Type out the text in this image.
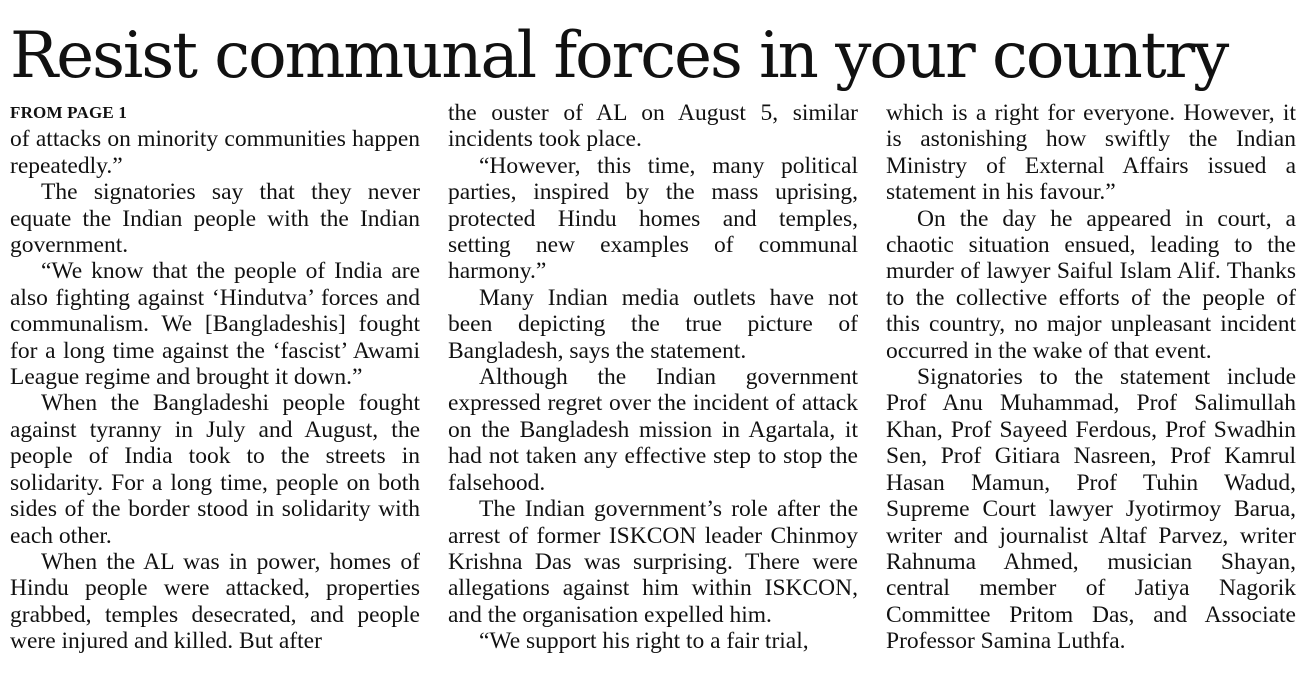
Resist communal forces in your country
FROM PAGE 1

of attacks on minority communities happen repeatedly.”

The signatories say that they never equate the Indian people with the Indian government.

“We know that the people of India are also fighting against ‘Hindutva’ forces and communalism. We [Bangladeshis] fought for a long time against the ‘fascist’ Awami League regime and brought it down.”

When the Bangladeshi people fought against tyranny in July and August, the people of India took to the streets in solidarity. For a long time, people on both sides of the border stood in solidarity with each other.

When the AL was in power, homes of Hindu people were attacked, properties grabbed, temples desecrated, and people were injured and killed. But after

the ouster of AL on August 5, similar incidents took place.

“However, this time, many political parties, inspired by the mass uprising, protected Hindu homes and temples, setting new examples of communal harmony.”

Many Indian media outlets have not been depicting the true picture of Bangladesh, says the statement.

Although the Indian government expressed regret over the incident of attack on the Bangladesh mission in Agartala, it had not taken any effective step to stop the falsehood.

The Indian government’s role after the arrest of former ISKCON leader Chinmoy Krishna Das was surprising. There were allegations against him within ISKCON, and the organisation expelled him.

“We support his right to a fair trial,

which is a right for everyone. However, it is astonishing how swiftly the Indian Ministry of External Affairs issued a statement in his favour.”

On the day he appeared in court, a chaotic situation ensued, leading to the murder of lawyer Saiful Islam Alif. Thanks to the collective efforts of the people of this country, no major unpleasant incident occurred in the wake of that event.

Signatories to the statement include Prof Anu Muhammad, Prof Salimullah Khan, Prof Sayeed Ferdous, Prof Swadhin Sen, Prof Gitiara Nasreen, Prof Kamrul Hasan Mamun, Prof Tuhin Wadud, Supreme Court lawyer Jyotirmoy Barua, writer and journalist Altaf Parvez, writer Rahnuma Ahmed, musician Shayan, central member of Jatiya Nagorik Committee Pritom Das, and Associate Professor Samina Luthfa.
